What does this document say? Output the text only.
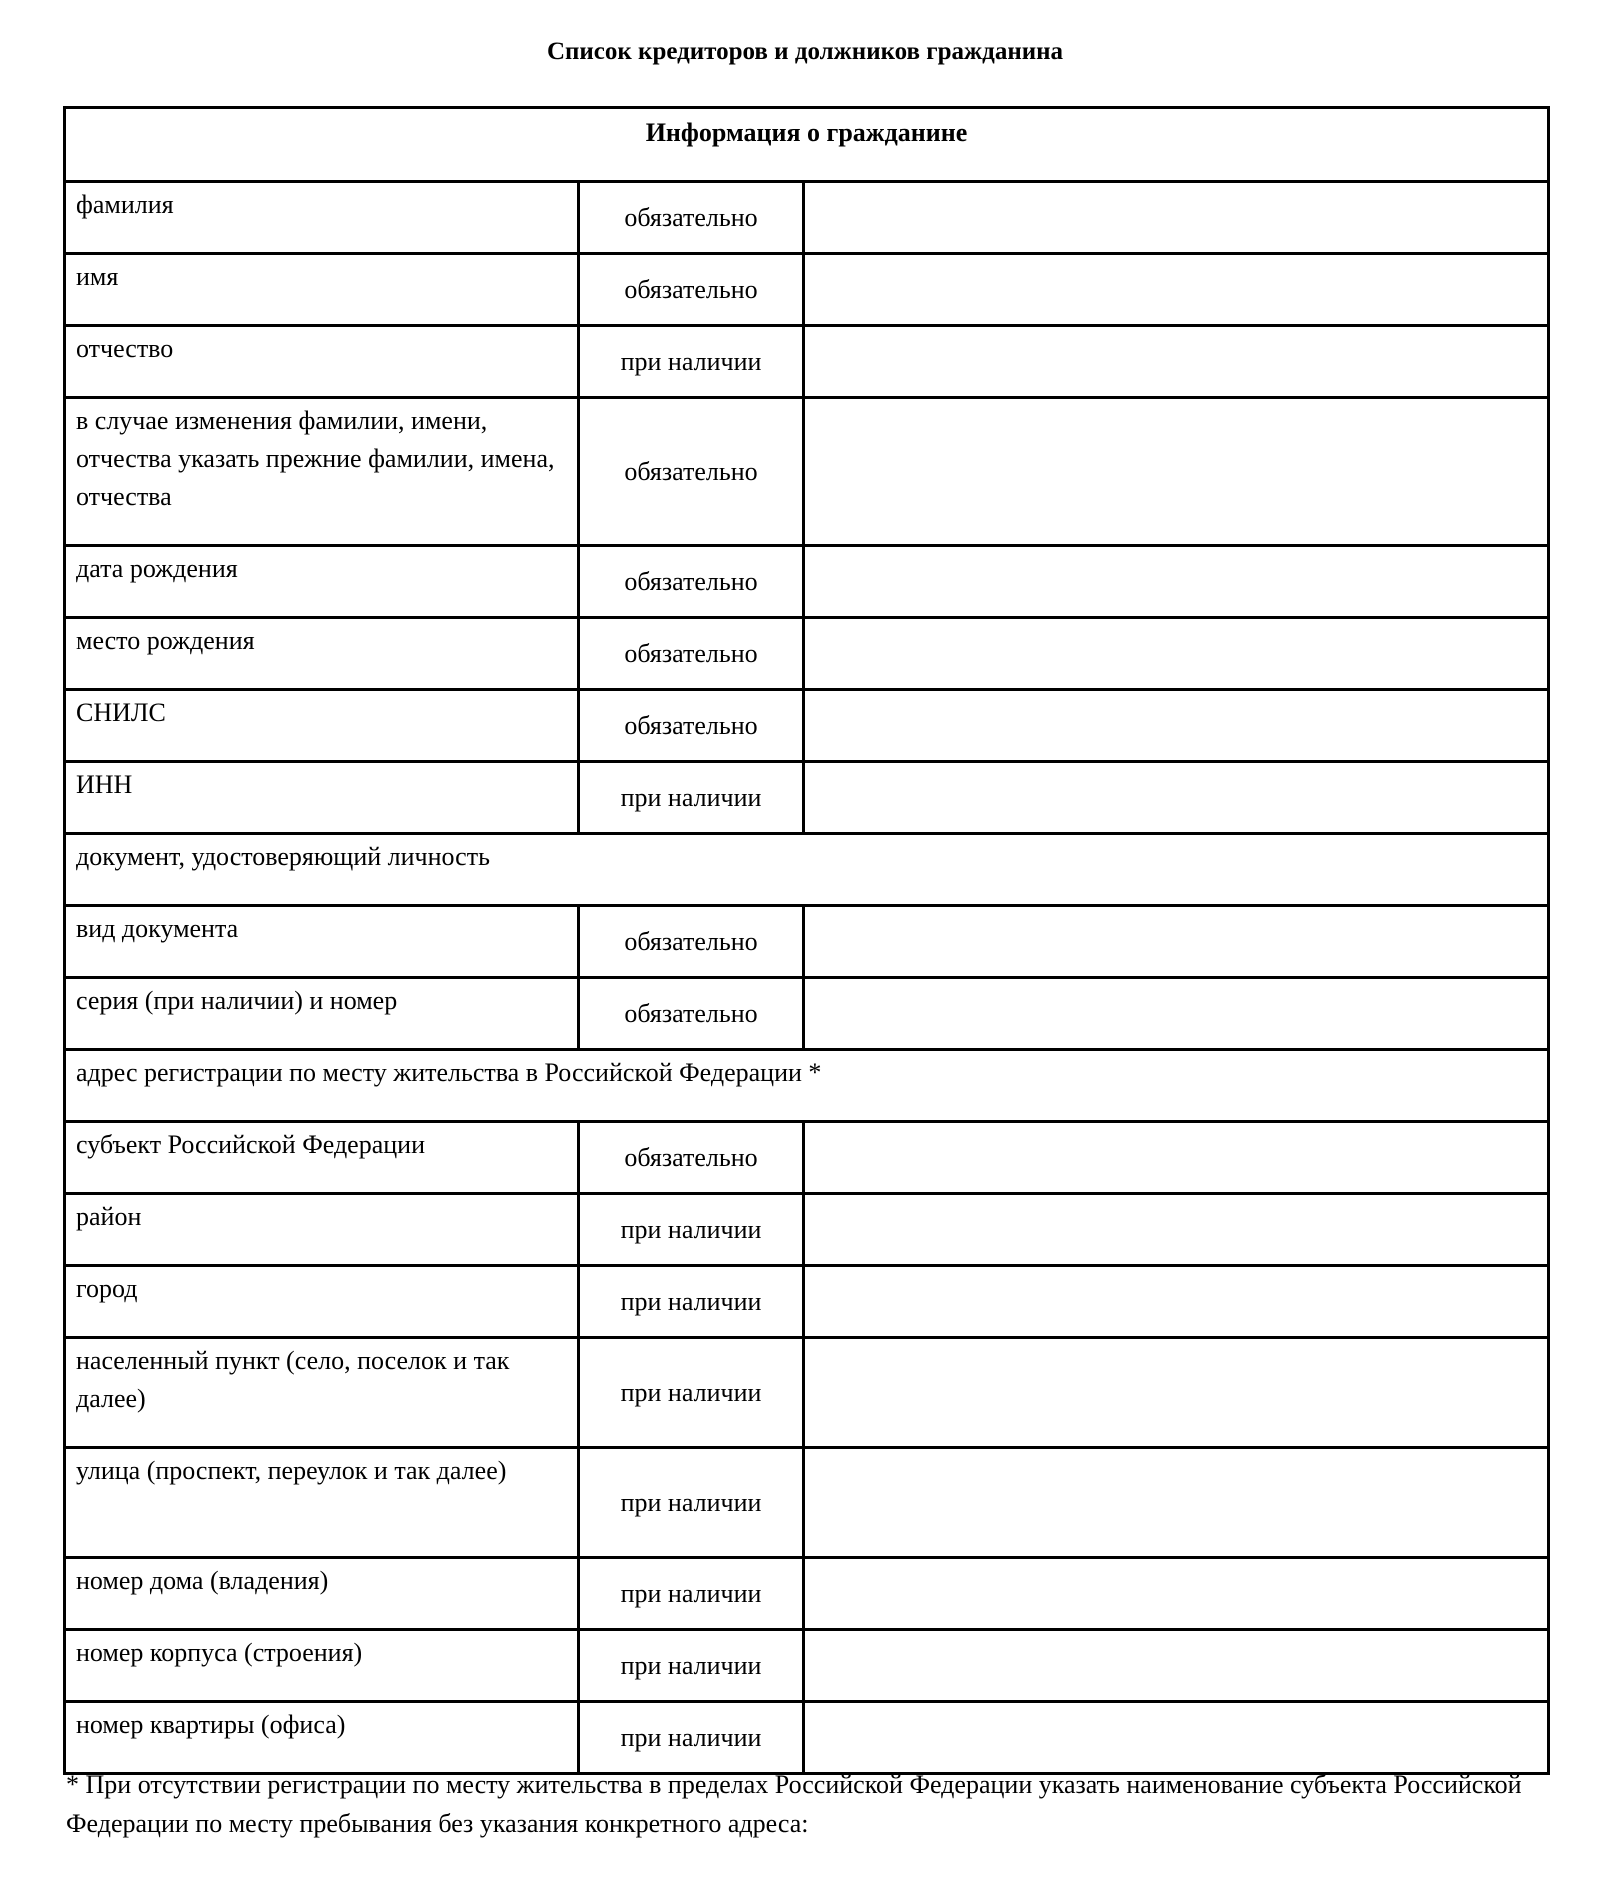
Список кредиторов и должников гражданина
Информация о гражданине		
фамилия	обязательно	
имя	обязательно	
отчество	при наличии	
в случае изменения фамилии, имени, отчества указать прежние фамилии, имена, отчества	обязательно	
дата рождения	обязательно	
место рождения	обязательно	
СНИЛС	обязательно	
ИНН	при наличии	
документ, удостоверяющий личность		
вид документа	обязательно	
серия (при наличии) и номер	обязательно	
адрес регистрации по месту жительства в Российской Федерации *		
субъект Российской Федерации	обязательно	
район	при наличии	
город	при наличии	
населенный пункт (село, поселок и так далее)	при наличии	
улица (проспект, переулок и так далее)	при наличии	
номер дома (владения)	при наличии	
номер корпуса (строения)	при наличии	
номер квартиры (офиса)	при наличии	
* При отсутствии регистрации по месту жительства в пределах Российской Федерации указать наименование субъекта Российской Федерации по месту пребывания без указания конкретного адреса:
